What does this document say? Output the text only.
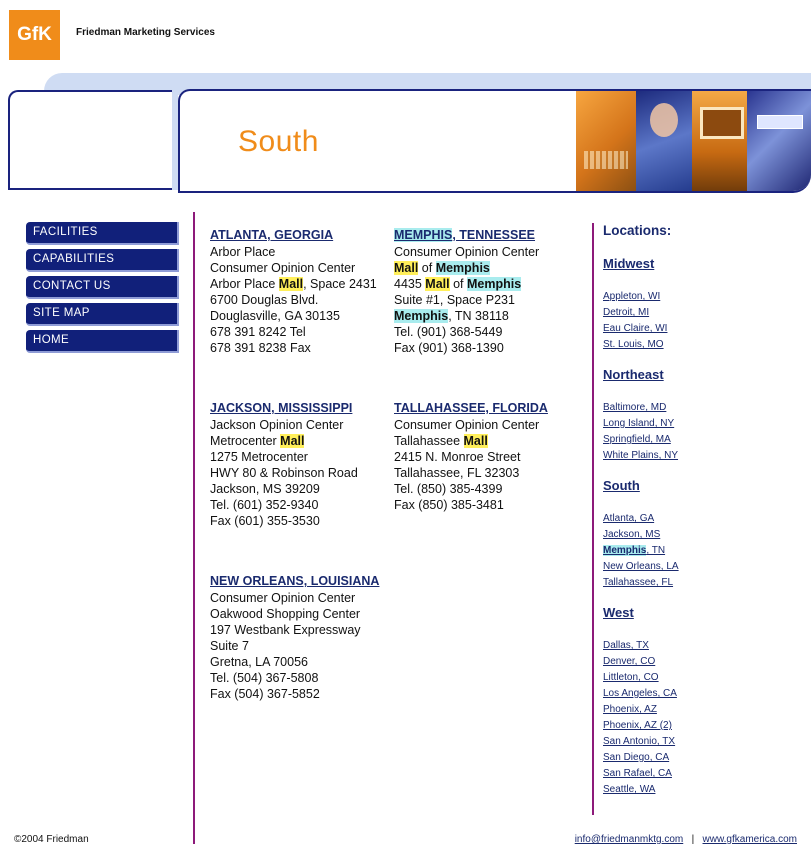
GfK	Friedman Marketing Services
South
FACILITIES
CAPABILITIES
CONTACT US
SITE MAP
HOME
ATLANTA, GEORGIA
Arbor Place
Consumer Opinion Center
Arbor Place Mall, Space 2431
6700 Douglas Blvd.
Douglasville, GA 30135
678 391 8242 Tel
678 391 8238 Fax
MEMPHIS, TENNESSEE
Consumer Opinion Center
Mall of Memphis
4435 Mall of Memphis
Suite #1, Space P231
Memphis, TN 38118
Tel. (901) 368-5449
Fax (901) 368-1390
JACKSON, MISSISSIPPI
Jackson Opinion Center
Metrocenter Mall
1275 Metrocenter
HWY 80 & Robinson Road
Jackson, MS 39209
Tel. (601) 352-9340
Fax (601) 355-3530
TALLAHASSEE, FLORIDA
Consumer Opinion Center
Tallahassee Mall
2415 N. Monroe Street
Tallahassee, FL 32303
Tel. (850) 385-4399
Fax (850) 385-3481
NEW ORLEANS, LOUISIANA
Consumer Opinion Center
Oakwood Shopping Center
197 Westbank Expressway
Suite 7
Gretna, LA 70056
Tel. (504) 367-5808
Fax (504) 367-5852
Locations:
Midwest
Appleton, WI
Detroit, MI
Eau Claire, WI
St. Louis, MO
Northeast
Baltimore, MD
Long Island, NY
Springfield, MA
White Plains, NY
South
Atlanta, GA
Jackson, MS
Memphis, TN
New Orleans, LA
Tallahassee, FL
West
Dallas, TX
Denver, CO
Littleton, CO
Los Angeles, CA
Phoenix, AZ
Phoenix, AZ (2)
San Antonio, TX
San Diego, CA
San Rafael, CA
Seattle, WA
©2004 Friedman	info@friedmanmktg.com | www.gfkamerica.com
